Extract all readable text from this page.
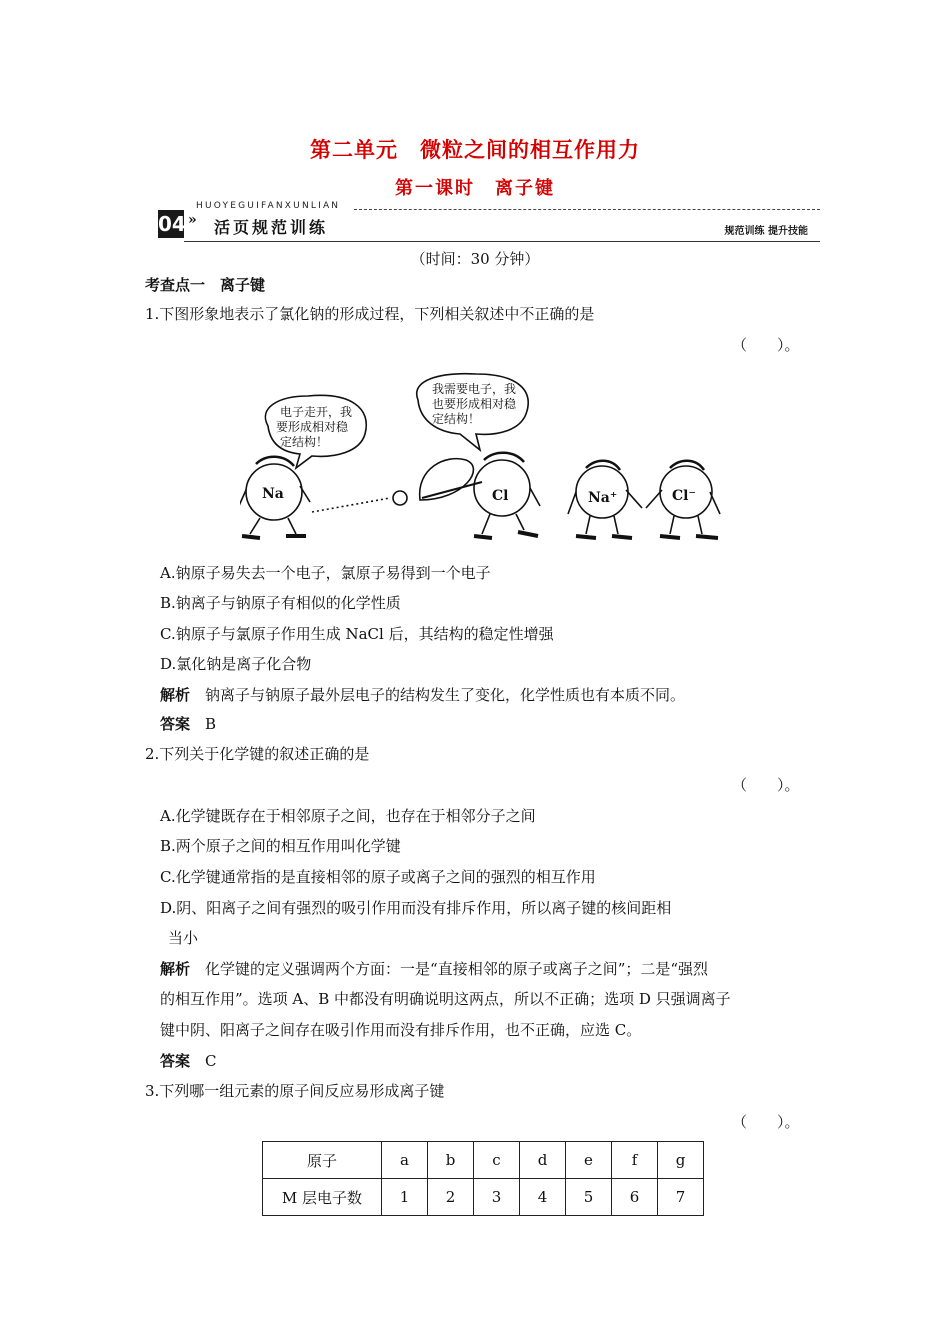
第二单元　微粒之间的相互作用力
第一课时　离子键
HUOYEGUIFANXUNLIAN
04 » 活页规范训练	规范训练 提升技能
（时间：30 分钟）
考查点一　离子键
1.下图形象地表示了氯化钠的形成过程，下列相关叙述中不正确的是
（　　）。
电子走开，我
要形成相对稳
定结构！
我需要电子，我
也要形成相对稳
定结构！
Na	Cl	Na⁺	Cl⁻
A.钠原子易失去一个电子，氯原子易得到一个电子
B.钠离子与钠原子有相似的化学性质
C.钠原子与氯原子作用生成 NaCl 后，其结构的稳定性增强
D.氯化钠是离子化合物
解析　 钠离子与钠原子最外层电子的结构发生了变化，化学性质也有本质不同。
答案　 B
2.下列关于化学键的叙述正确的是
（　　）。
A.化学键既存在于相邻原子之间，也存在于相邻分子之间
B.两个原子之间的相互作用叫化学键
C.化学键通常指的是直接相邻的原子或离子之间的强烈的相互作用
D.阴、阳离子之间有强烈的吸引作用而没有排斥作用，所以离子键的核间距相
当小
解析　 化学键的定义强调两个方面：一是“直接相邻的原子或离子之间”；二是“强烈
的相互作用”。选项 A、B 中都没有明确说明这两点，所以不正确；选项 D 只强调离子
键中阴、阳离子之间存在吸引作用而没有排斥作用，也不正确，应选 C。
答案　 C
3.下列哪一组元素的原子间反应易形成离子键
（　　）。
原子	a	b	c	d	e	f	g
M 层电子数	1	2	3	4	5	6	7
